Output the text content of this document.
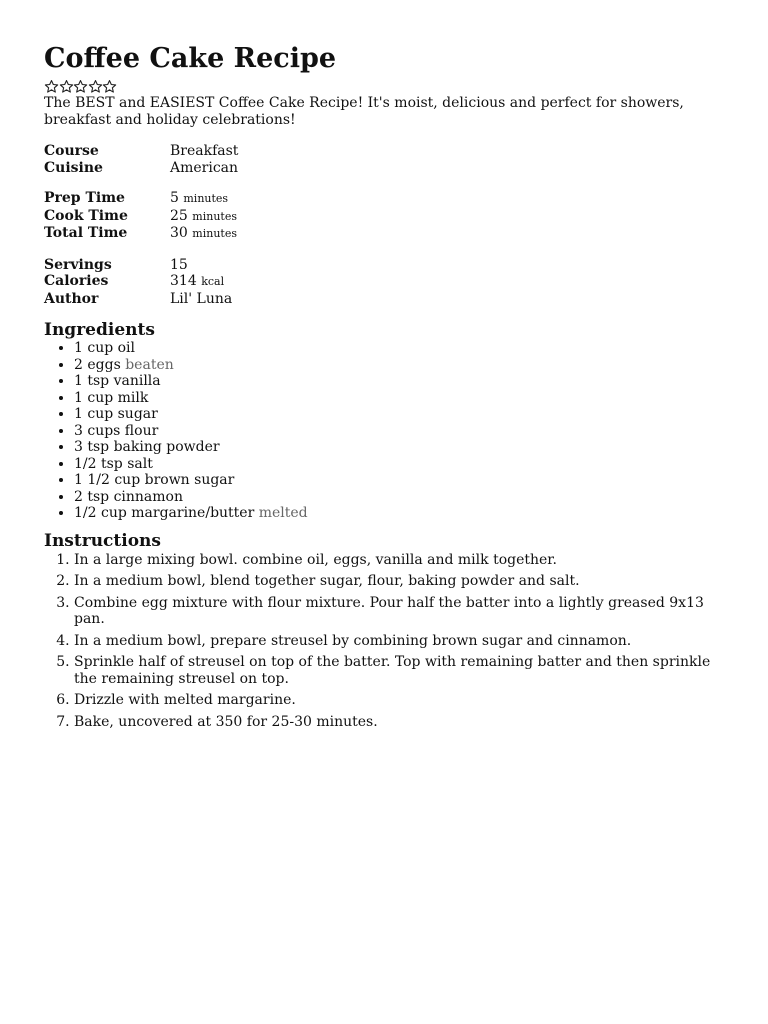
Coffee Cake Recipe

The BEST and EASIEST Coffee Cake Recipe! It's moist, delicious and perfect for showers, breakfast and holiday celebrations!

Course	Breakfast
Cuisine	American
Prep Time	5 minutes
Cook Time	25 minutes
Total Time	30 minutes
Servings	15
Calories	314 kcal
Author	Lil' Luna
Ingredients
• 1 cup oil
• 2 eggs beaten
• 1 tsp vanilla
• 1 cup milk
• 1 cup sugar
• 3 cups flour
• 3 tsp baking powder
• 1/2 tsp salt
• 1 1/2 cup brown sugar
• 2 tsp cinnamon
• 1/2 cup margarine/butter melted
Instructions
1. In a large mixing bowl. combine oil, eggs, vanilla and milk together.
2. In a medium bowl, blend together sugar, flour, baking powder and salt.
3. Combine egg mixture with flour mixture. Pour half the batter into a lightly greased 9x13 pan.
4. In a medium bowl, prepare streusel by combining brown sugar and cinnamon.
5. Sprinkle half of streusel on top of the batter. Top with remaining batter and then sprinkle the remaining streusel on top.
6. Drizzle with melted margarine.
7. Bake, uncovered at 350 for 25-30 minutes.
